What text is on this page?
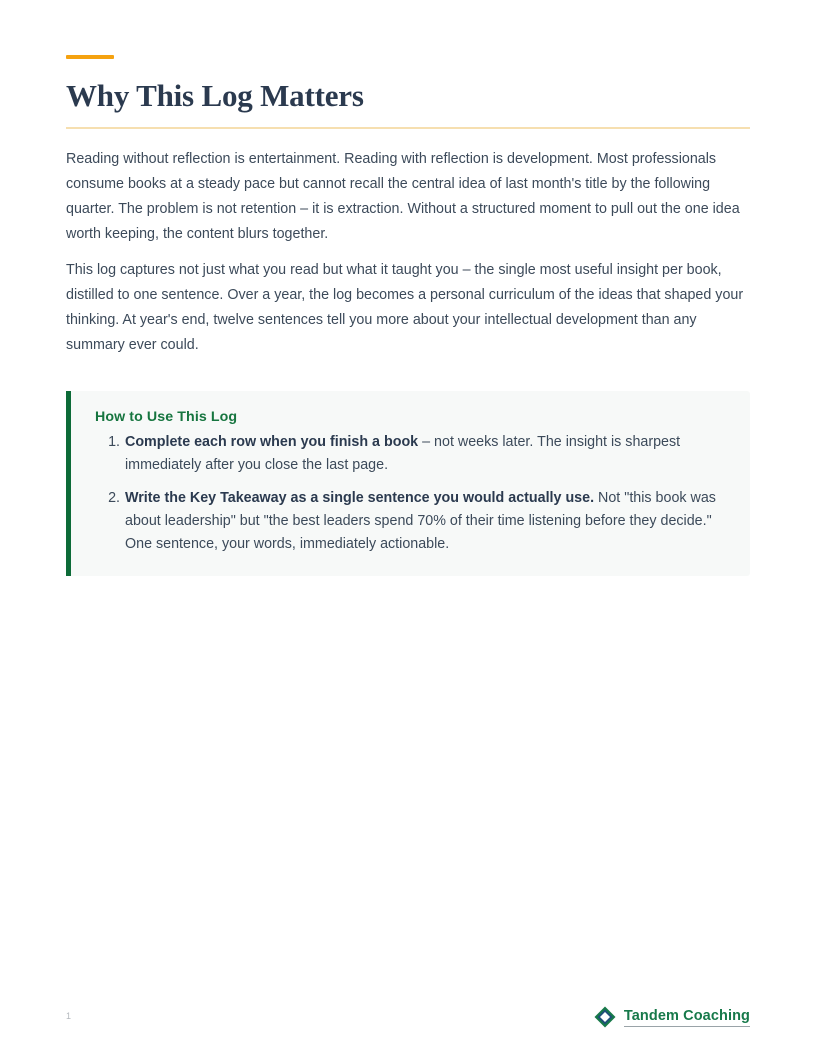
Why This Log Matters

Reading without reflection is entertainment. Reading with reflection is development. Most professionals consume books at a steady pace but cannot recall the central idea of last month's title by the following quarter. The problem is not retention – it is extraction. Without a structured moment to pull out the one idea worth keeping, the content blurs together.

This log captures not just what you read but what it taught you – the single most useful insight per book, distilled to one sentence. Over a year, the log becomes a personal curriculum of the ideas that shaped your thinking. At year's end, twelve sentences tell you more about your intellectual development than any summary ever could.

How to Use This Log
Complete each row when you finish a book – not weeks later. The insight is sharpest immediately after you close the last page.
Write the Key Takeaway as a single sentence you would actually use. Not "this book was about leadership" but "the best leaders spend 70% of their time listening before they decide." One sentence, your words, immediately actionable.
1	Tandem Coaching
